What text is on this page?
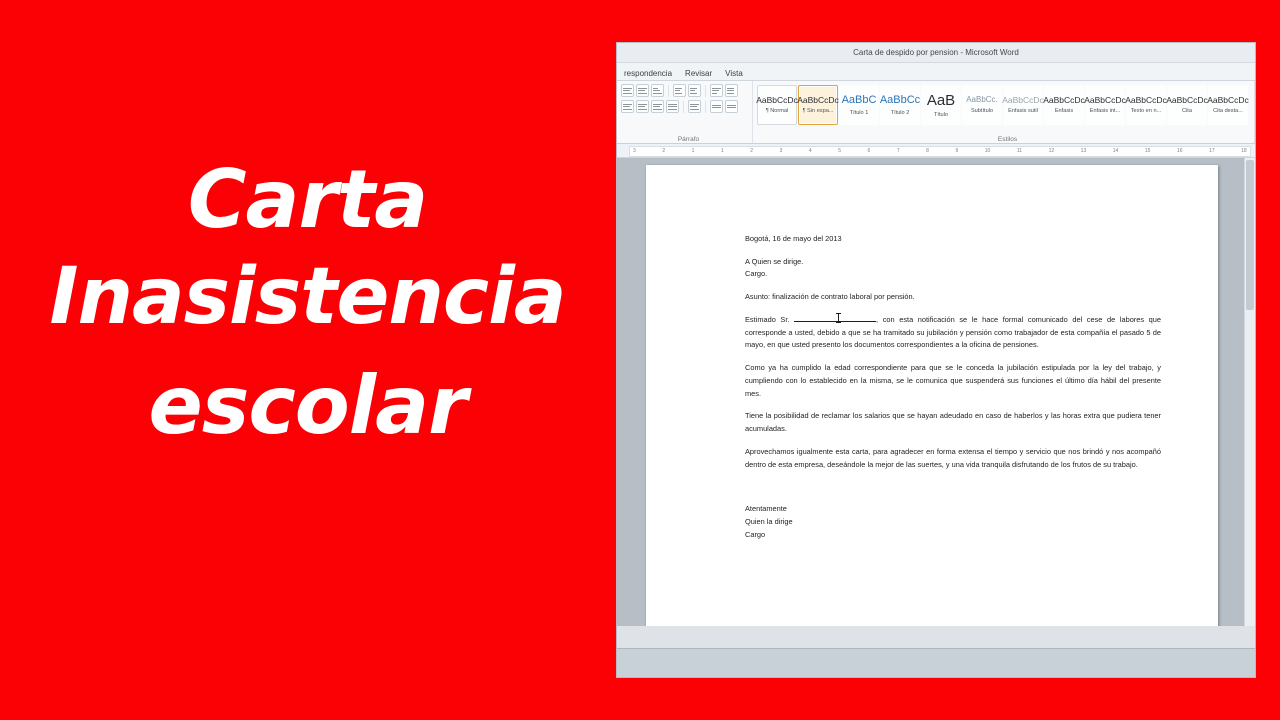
Carta
Inasistencia
escolar
Carta de despido por pension - Microsoft Word
respondencia	Revisar	Vista
Párrafo
AaBbCcDc
¶ Normal
AaBbCcDc
¶ Sin espa...
AaBbC
Título 1
AaBbCc
Título 2
AaB
Título
AaBbCc.
Subtítulo
AaBbCcDc
Énfasis sutil
AaBbCcDc
Énfasis
AaBbCcDc
Énfasis int...
AaBbCcDc
Texto en n...
AaBbCcDc
Cita
AaBbCcDc
Cita desta...
Estilos
3	2	1	1	2	3	4	5	6	7	8	9	10	11	12	13	14	15	16	17	18

Bogotá, 16 de mayo del 2013

A Quien se dirige.

Cargo.

Asunto: finalización de contrato laboral por pensión.

Estimado Sr.	, con esta notificación se le hace formal comunicado del cese de labores que corresponde a usted, debido a que se ha tramitado su jubilación y pensión como trabajador de esta compañía el pasado 5 de mayo, en que usted presento los documentos correspondientes a la oficina de pensiones.

Como ya ha cumplido la edad correspondiente para que se le conceda la jubilación estipulada por la ley del trabajo, y cumpliendo con lo establecido en la misma, se le comunica que suspenderá sus funciones el último día hábil del presente mes.

Tiene la posibilidad de reclamar los salarios que se hayan adeudado en caso de haberlos y las horas extra que pudiera tener acumuladas.

Aprovechamos igualmente esta carta, para agradecer en forma extensa el tiempo y servicio que nos brindó y nos acompañó dentro de esta empresa, deseándole la mejor de las suertes, y una vida tranquila disfrutando de los frutos de su trabajo.

Atentamente

Quien la dirige

Cargo
